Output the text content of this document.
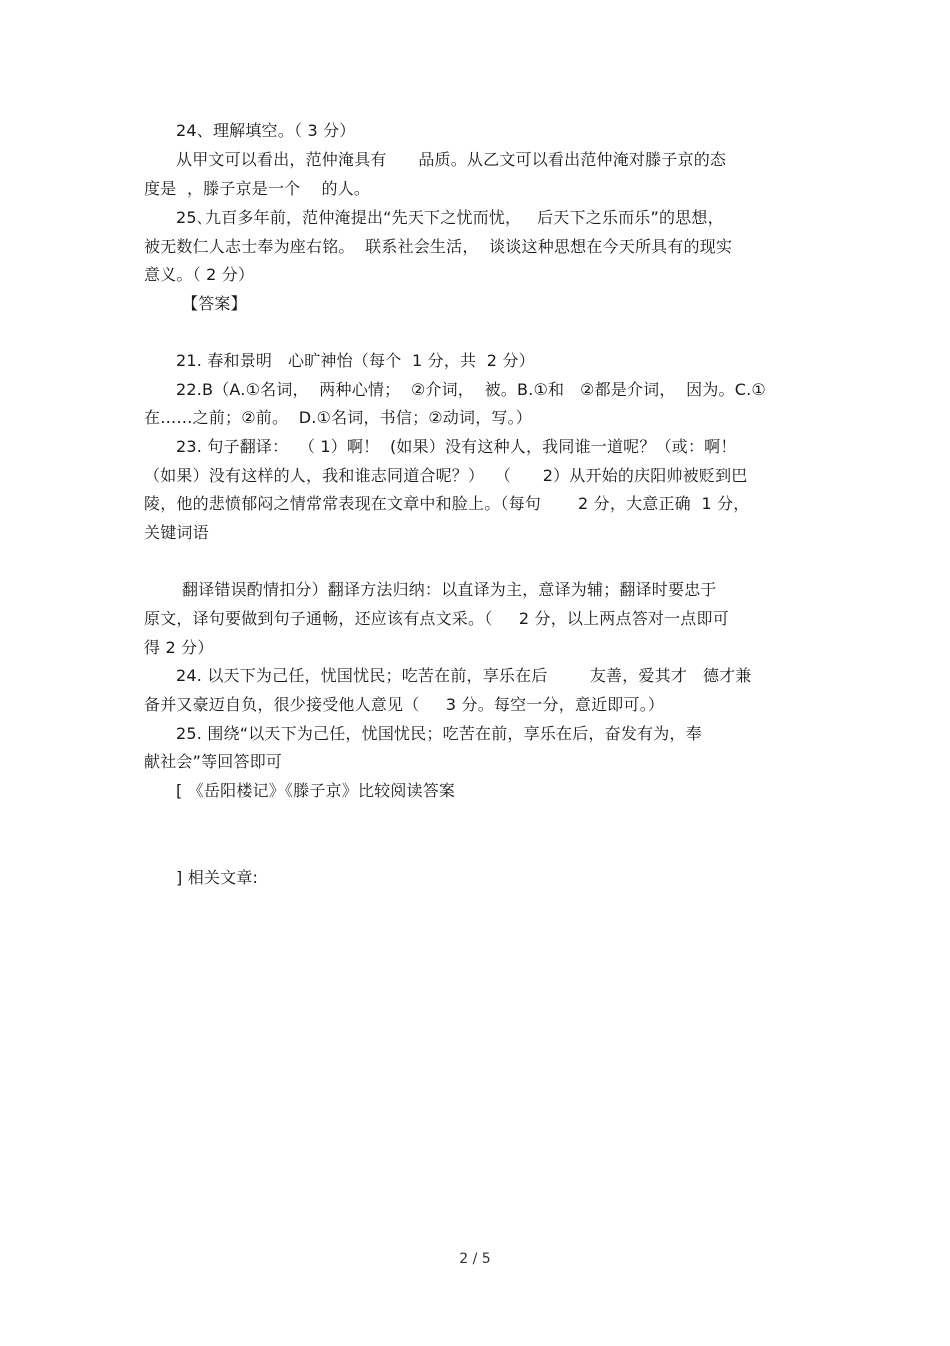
24、理解填空。（ 3 分）
从甲文可以看出，范仲淹具有      品质。从乙文可以看出范仲淹对滕子京的态
度是  ，滕子京是一个    的人。
25､九百多年前，范仲淹提出“先天下之忧而忧，   后天下之乐而乐”的思想，
被无数仁人志士奉为座右铭。  联系社会生活，  谈谈这种思想在今天所具有的现实
意义。（ 2 分）
【答案】
21. 春和景明   心旷神怡（每个  1 分，共  2 分）
22.B（A.①名词，  两种心情；  ②介词，  被。B.①和   ②都是介词，  因为。C.①
在……之前；②前。  D.①名词，书信；②动词，写。）
23. 句子翻译：  （ 1）啊！  (如果）没有这种人，我同谁一道呢？（或：啊！
（如果）没有这样的人，我和谁志同道合呢？）  （      2）从开始的庆阳帅被贬到巴
陵，他的悲愤郁闷之情常常表现在文章中和脸上。（每句       2 分，大意正确  1 分，
关键词语
翻译错误酌情扣分）翻译方法归纳：以直译为主，意译为辅；翻译时要忠于
原文，译句要做到句子通畅，还应该有点文采。（     2 分，以上两点答对一点即可
得 2 分）
24. 以天下为己任，忧国忧民；吃苦在前，享乐在后        友善，爱其才   德才兼
备并又豪迈自负，很少接受他人意见（     3 分。每空一分，意近即可。）
25. 围绕“以天下为己任，忧国忧民；吃苦在前，享乐在后，奋发有为，奉
献社会”等回答即可
[ 《岳阳楼记》《滕子京》比较阅读答案
] 相关文章:
2 / 5
